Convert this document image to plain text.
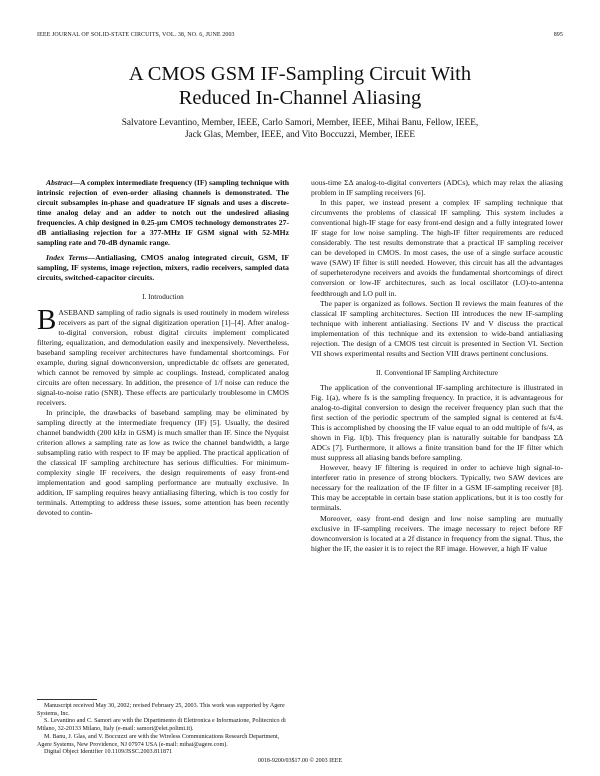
IEEE JOURNAL OF SOLID-STATE CIRCUITS, VOL. 38, NO. 6, JUNE 2003	895
A CMOS GSM IF-Sampling Circuit With
Reduced In-Channel Aliasing
Salvatore Levantino, Member, IEEE, Carlo Samori, Member, IEEE, Mihai Banu, Fellow, IEEE,
Jack Glas, Member, IEEE, and Vito Boccuzzi, Member, IEEE

Abstract—A complex intermediate frequency (IF) sampling technique with intrinsic rejection of even-order aliasing channels is demonstrated. The circuit subsamples in-phase and quadrature IF signals and uses a discrete-time analog delay and an adder to notch out the undesired aliasing frequencies. A chip designed in 0.25-µm CMOS technology demonstrates 27-dB antialiasing rejection for a 377-MHz IF GSM signal with 52-MHz sampling rate and 70-dB dynamic range.

Index Terms—Antialiasing, CMOS analog integrated circuit, GSM, IF sampling, IF systems, image rejection, mixers, radio receivers, sampled data circuits, switched-capacitor circuits.

I. Introduction

BASEBAND sampling of radio signals is used routinely in modern wireless receivers as part of the signal digitization operation [1]–[4]. After analog-to-digital conversion, robust digital circuits implement complicated filtering, equalization, and demodulation easily and inexpensively. Nevertheless, baseband sampling receiver architectures have fundamental shortcomings. For example, during signal downconversion, unpredictable dc offsets are generated, which cannot be removed by simple ac couplings. Instead, complicated analog circuits are often necessary. In addition, the presence of 1/f noise can reduce the signal-to-noise ratio (SNR). These effects are particularly troublesome in CMOS receivers.

In principle, the drawbacks of baseband sampling may be eliminated by sampling directly at the intermediate frequency (IF) [5]. Usually, the desired channel bandwidth (200 kHz in GSM) is much smaller than IF. Since the Nyquist criterion allows a sampling rate as low as twice the channel bandwidth, a large subsampling ratio with respect to IF may be applied. The practical application of the classical IF sampling architecture has serious difficulties. For minimum-complexity single IF receivers, the design requirements of easy front-end implementation and good sampling performance are mutually exclusive. In addition, IF sampling requires heavy antialiasing filtering, which is too costly for terminals. Attempting to address these issues, some attention has been recently devoted to contin-

Manuscript received May 30, 2002; revised February 25, 2003. This work was supported by Agere Systems, Inc.

S. Levantino and C. Samori are with the Dipartimento di Elettronica e Informazione, Politecnico di Milano, 32-20133 Milano, Italy (e-mail: samori@elet.polimi.it).

M. Banu, J. Glas, and V. Boccuzzi are with the Wireless Communications Research Department, Agere Systems, New Providence, NJ 07974 USA (e-mail: mihai@agere.com).

Digital Object Identifier 10.1109/JSSC.2003.811871

uous-time ΣΔ analog-to-digital converters (ADCs), which may relax the aliasing problem in IF sampling receivers [6].

In this paper, we instead present a complex IF sampling technique that circumvents the problems of classical IF sampling. This system includes a conventional high-IF stage for easy front-end design and a fully integrated lower IF stage for low noise sampling. The high-IF filter requirements are reduced considerably. The test results demonstrate that a practical IF sampling receiver can be developed in CMOS. In most cases, the use of a single surface acoustic wave (SAW) IF filter is still needed. However, this circuit has all the advantages of superheterodyne receivers and avoids the fundamental shortcomings of direct conversion or low-IF architectures, such as local oscillator (LO)-to-antenna feedthrough and LO pull in.

The paper is organized as follows. Section II reviews the main features of the classical IF sampling architectures. Section III introduces the new IF-sampling technique with inherent antialiasing. Sections IV and V discuss the practical implementation of this technique and its extension to wide-band antialiasing rejection. The design of a CMOS test circuit is presented in Section VI. Section VII shows experimental results and Section VIII draws pertinent conclusions.

II. Conventional IF Sampling Architecture

The application of the conventional IF-sampling architecture is illustrated in Fig. 1(a), where fs is the sampling frequency. In practice, it is advantageous for analog-to-digital conversion to design the receiver frequency plan such that the first section of the periodic spectrum of the sampled signal is centered at fs/4. This is accomplished by choosing the IF value equal to an odd multiple of fs/4, as shown in Fig. 1(b). This frequency plan is naturally suitable for bandpass ΣΔ ADCs [7]. Furthermore, it allows a finite transition band for the IF filter which must suppress all aliasing bands before sampling.

However, heavy IF filtering is required in order to achieve high signal-to-interferer ratio in presence of strong blockers. Typically, two SAW devices are necessary for the realization of the IF filter in a GSM IF-sampling receiver [8]. This may be acceptable in certain base station applications, but it is too costly for terminals.

Moreover, easy front-end design and low noise sampling are mutually exclusive in IF-sampling receivers. The image necessary to reject before RF downconversion is located at a 2f distance in frequency from the signal. Thus, the higher the IF, the easier it is to reject the RF image. However, a high IF value

0018-9200/03$17.00 © 2003 IEEE
